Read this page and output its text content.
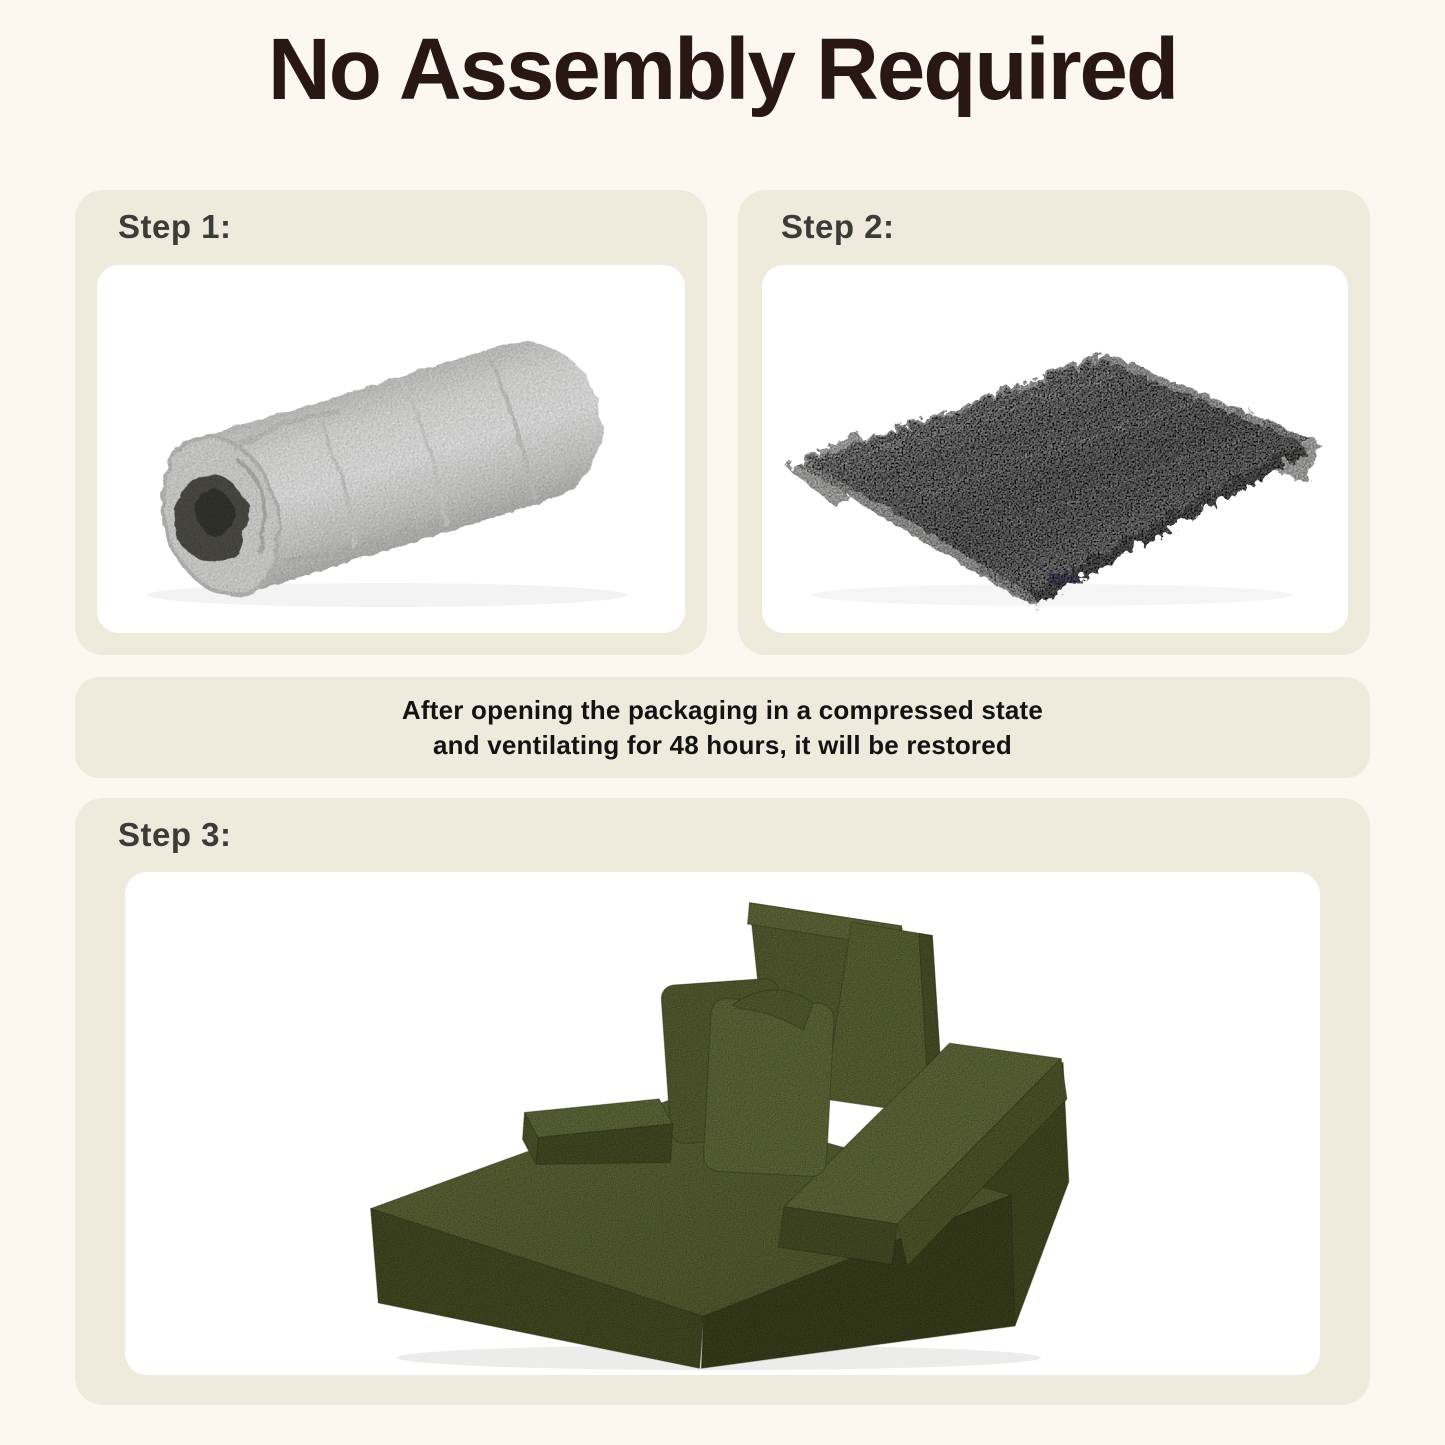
No Assembly Required
Step 1:	Step 2:
After opening the packaging in a compressed state
and ventilating for 48 hours, it will be restored
Step 3:
